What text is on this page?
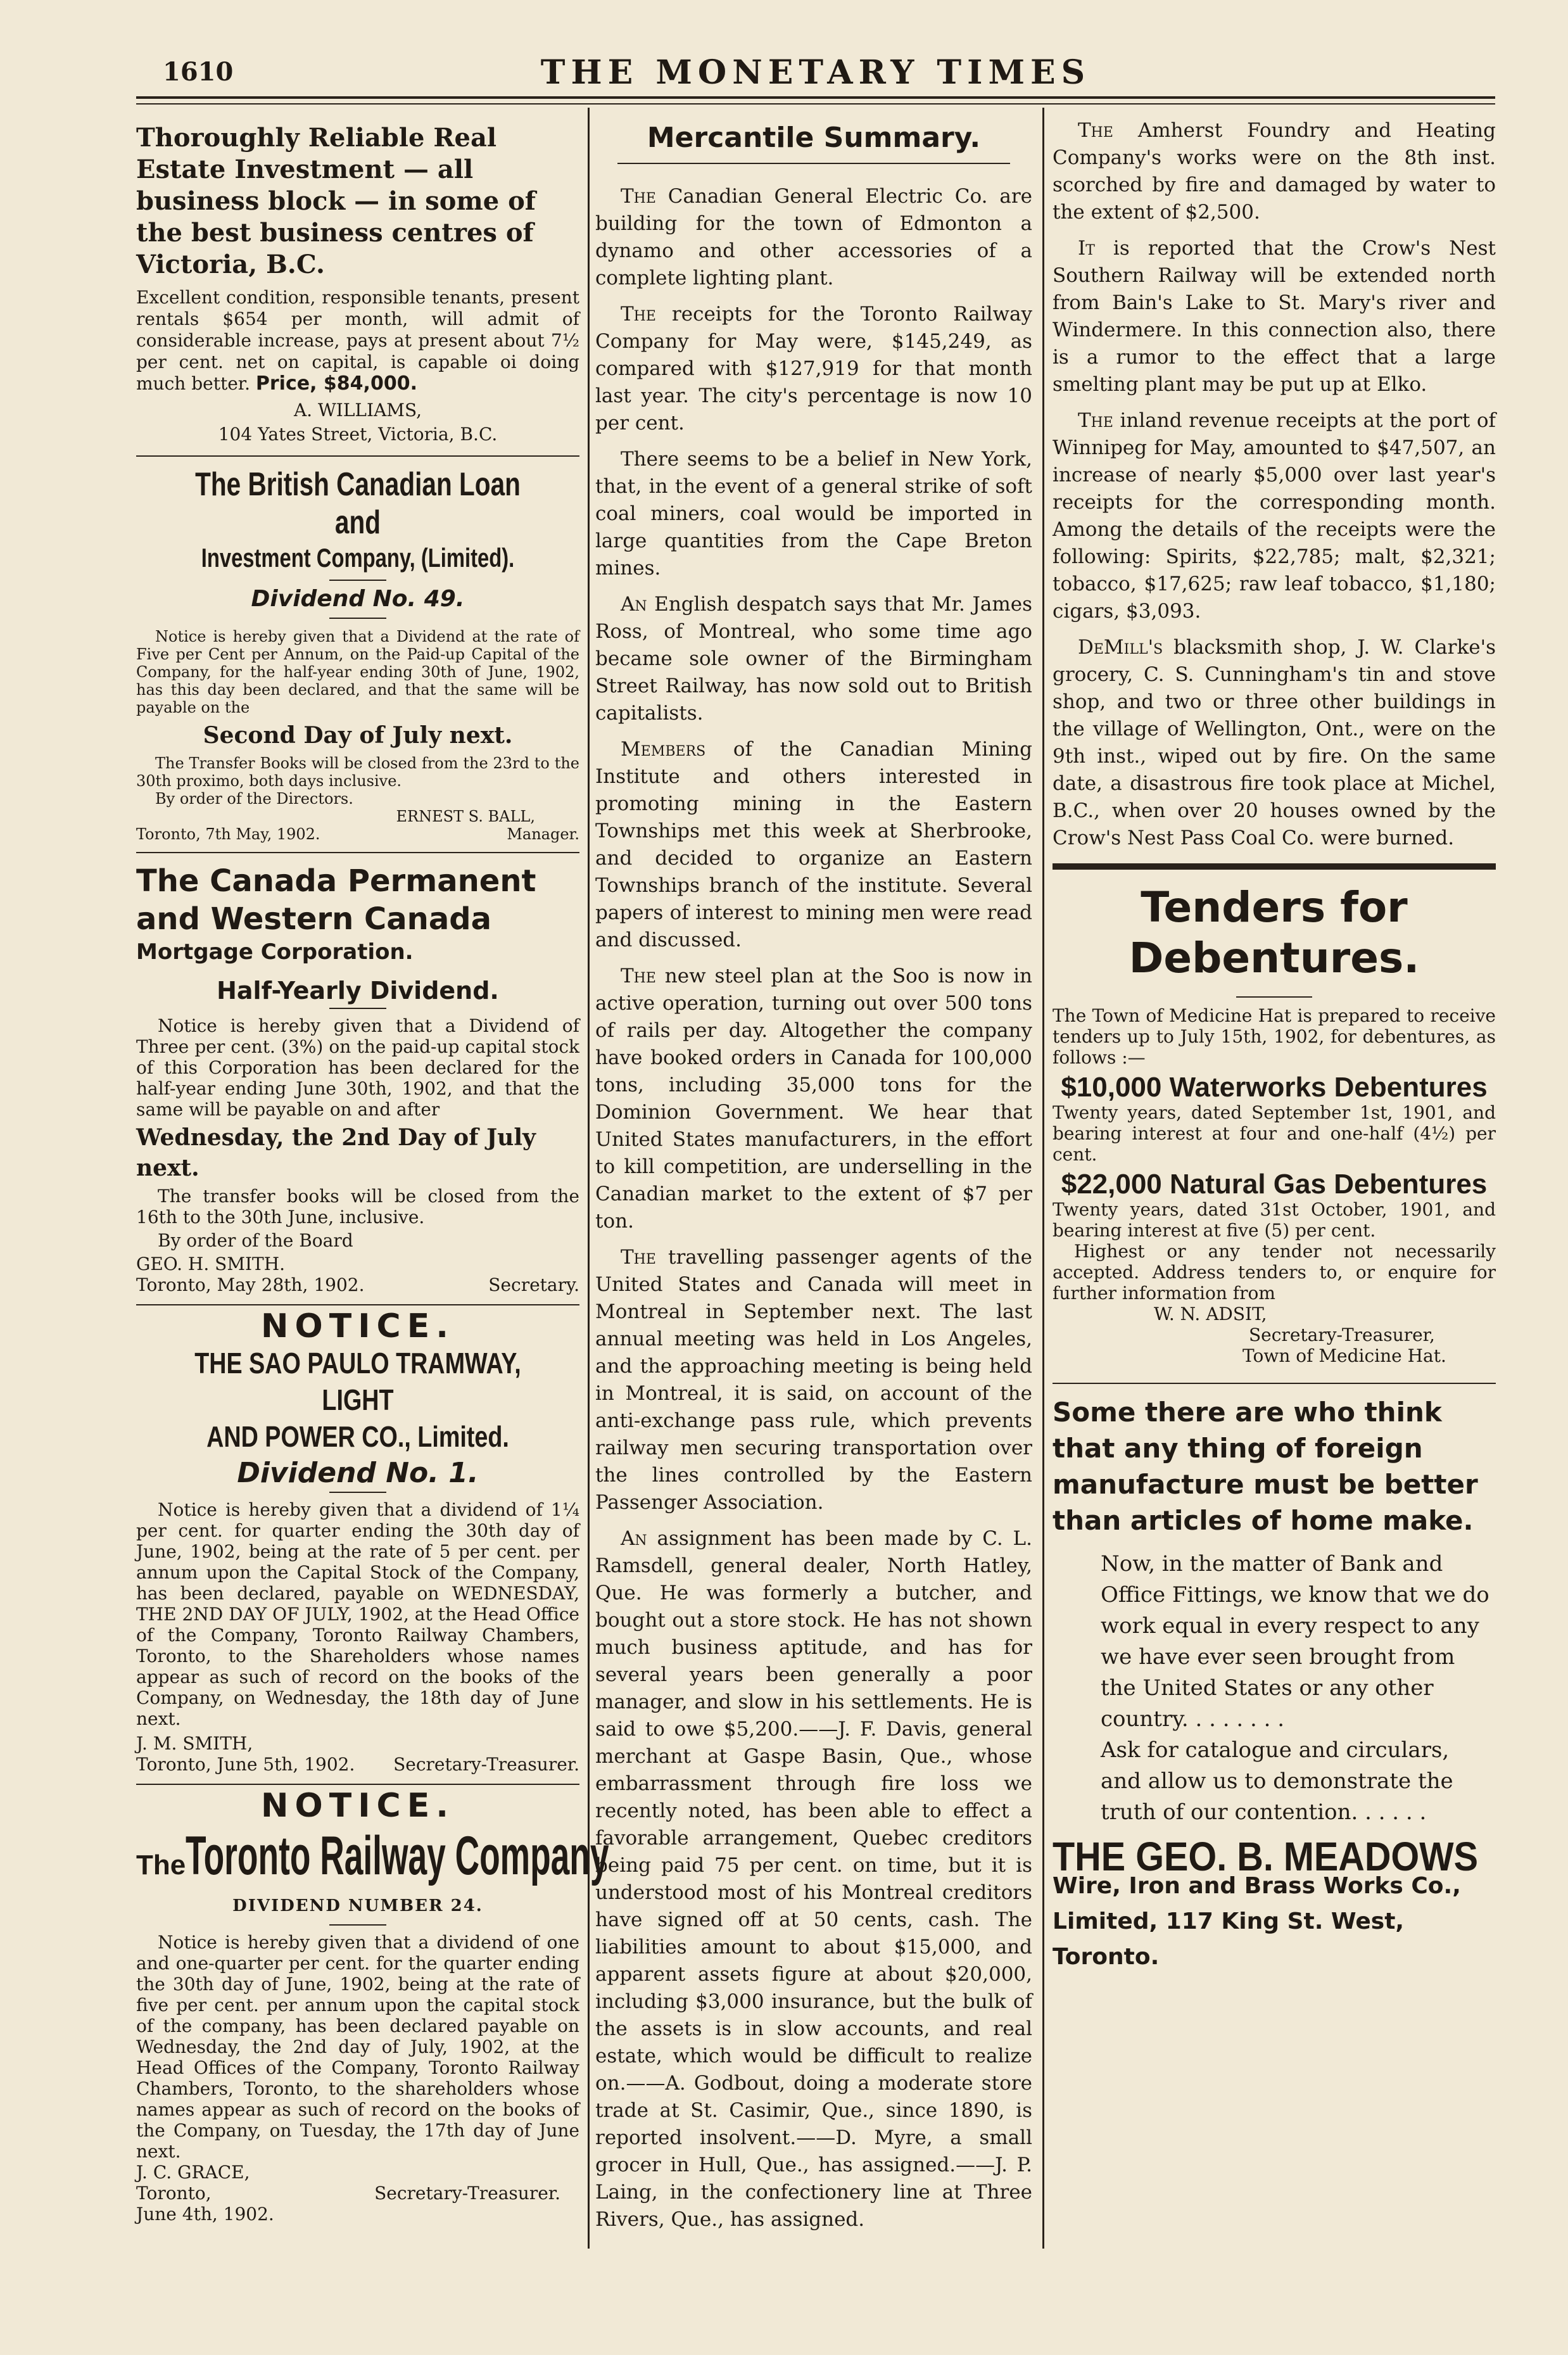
1610	THE MONETARY TIMES
Thoroughly Reliable Real Estate Investment — all business block — in some of the best business centres of Victoria, B.C.

Excellent condition, responsible tenants, present rentals $654 per month, will admit of considerable increase, pays at present about 7½ per cent. net on capital, is capable oi doing much better. Price, $84,000.

A. WILLIAMS,

104 Yates Street, Victoria, B.C.

The British Canadian Loan and

Investment Company, (Limited).

Dividend No. 49.

Notice is hereby given that a Dividend at the rate of Five per Cent per Annum, on the Paid-up Capital of the Company, for the half-year ending 30th of June, 1902, has this day been declared, and that the same will be payable on the

Second Day of July next.

The Transfer Books will be closed from the 23rd to the 30th proximo, both days inclusive.

By order of the Directors.

ERNEST S. BALL,

Toronto, 7th May, 1902.	Manager.

The Canada Permanent

and Western Canada

Mortgage Corporation.

Half-Yearly Dividend.

Notice is hereby given that a Dividend of Three per cent. (3%) on the paid-up capital stock of this Corporation has been declared for the half-year ending June 30th, 1902, and that the same will be payable on and after

Wednesday, the 2nd Day of July next.

The transfer books will be closed from the 16th to the 30th June, inclusive.

By order of the Board

GEO. H. SMITH.

Toronto, May 28th, 1902.	Secretary.

NOTICE.

THE SAO PAULO TRAMWAY, LIGHT

AND POWER CO., Limited.

Dividend No. 1.

Notice is hereby given that a dividend of 1¼ per cent. for quarter ending the 30th day of June, 1902, being at the rate of 5 per cent. per annum upon the Capital Stock of the Company, has been declared, payable on WEDNESDAY, THE 2ND DAY OF JULY, 1902, at the Head Office of the Company, Toronto Railway Chambers, Toronto, to the Shareholders whose names appear as such of record on the books of the Company, on Wednesday, the 18th day of June next.

J. M. SMITH,

Toronto, June 5th, 1902. Secretary-Treasurer.

NOTICE.

TheToronto Railway Company

DIVIDEND NUMBER 24.

Notice is hereby given that a dividend of one and one-quarter per cent. for the quarter ending the 30th day of June, 1902, being at the rate of five per cent. per annum upon the capital stock of the company, has been declared payable on Wednesday, the 2nd day of July, 1902, at the Head Offices of the Company, Toronto Railway Chambers, Toronto, to the shareholders whose names appear as such of record on the books of the Company, on Tuesday, the 17th day of June next.

J. C. GRACE,

Toronto,	Secretary-Treasurer.

June 4th, 1902.

Mercantile Summary.

The Canadian General Electric Co. are building for the town of Edmonton a dynamo and other accessories of a complete lighting plant.

The receipts for the Toronto Railway Company for May were, $145,249, as compared with $127,919 for that month last year. The city's percentage is now 10 per cent.

There seems to be a belief in New York, that, in the event of a general strike of soft coal miners, coal would be imported in large quantities from the Cape Breton mines.

An English despatch says that Mr. James Ross, of Montreal, who some time ago became sole owner of the Birmingham Street Railway, has now sold out to British capitalists.

Members of the Canadian Mining Institute and others interested in promoting mining in the Eastern Townships met this week at Sherbrooke, and decided to organize an Eastern Townships branch of the institute. Several papers of interest to mining men were read and discussed.

The new steel plan at the Soo is now in active operation, turning out over 500 tons of rails per day. Altogether the company have booked orders in Canada for 100,000 tons, including 35,000 tons for the Dominion Government. We hear that United States manufacturers, in the effort to kill competition, are underselling in the Canadian market to the extent of $7 per ton.

The travelling passenger agents of the United States and Canada will meet in Montreal in September next. The last annual meeting was held in Los Angeles, and the approaching meeting is being held in Montreal, it is said, on account of the anti-exchange pass rule, which prevents railway men securing transportation over the lines controlled by the Eastern Passenger Association.

An assignment has been made by C. L. Ramsdell, general dealer, North Hatley, Que. He was formerly a butcher, and bought out a store stock. He has not shown much business aptitude, and has for several years been generally a poor manager, and slow in his settlements. He is said to owe $5,200.——J. F. Davis, general merchant at Gaspe Basin, Que., whose embarrassment through fire loss we recently noted, has been able to effect a favorable arrangement, Quebec creditors being paid 75 per cent. on time, but it is understood most of his Montreal creditors have signed off at 50 cents, cash. The liabilities amount to about $15,000, and apparent assets figure at about $20,000, including $3,000 insurance, but the bulk of the assets is in slow accounts, and real estate, which would be difficult to realize on.——A. Godbout, doing a moderate store trade at St. Casimir, Que., since 1890, is reported insolvent.——D. Myre, a small grocer in Hull, Que., has assigned.——J. P. Laing, in the confectionery line at Three Rivers, Que., has assigned.

The Amherst Foundry and Heating Company's works were on the 8th inst. scorched by fire and damaged by water to the extent of $2,500.

It is reported that the Crow's Nest Southern Railway will be extended north from Bain's Lake to St. Mary's river and Windermere. In this connection also, there is a rumor to the effect that a large smelting plant may be put up at Elko.

The inland revenue receipts at the port of Winnipeg for May, amounted to $47,507, an increase of nearly $5,000 over last year's receipts for the corresponding month. Among the details of the receipts were the following: Spirits, $22,785; malt, $2,321; tobacco, $17,625; raw leaf tobacco, $1,180; cigars, $3,093.

DeMill's blacksmith shop, J. W. Clarke's grocery, C. S. Cunningham's tin and stove shop, and two or three other buildings in the village of Wellington, Ont., were on the 9th inst., wiped out by fire. On the same date, a disastrous fire took place at Michel, B.C., when over 20 houses owned by the Crow's Nest Pass Coal Co. were burned.

Tenders for

Debentures.

The Town of Medicine Hat is prepared to receive tenders up to July 15th, 1902, for debentures, as follows :—

$10,000 Waterworks Debentures

Twenty years, dated September 1st, 1901, and bearing interest at four and one-half (4½) per cent.

$22,000 Natural Gas Debentures

Twenty years, dated 31st October, 1901, and bearing interest at five (5) per cent.

Highest or any tender not necessarily accepted. Address tenders to, or enquire for further information from

W. N. ADSIT,

Secretary-Treasurer,

Town of Medicine Hat.

Some there are who think that any thing of foreign manufacture must be better than articles of home make.

Now, in the matter of Bank and Office Fittings, we know that we do work equal in every respect to any we have ever seen brought from the United States or any other country. . . . . . . .

Ask for catalogue and circulars, and allow us to demonstrate the truth of our contention. . . . . .

THE GEO. B. MEADOWS

Wire, Iron and Brass Works Co.,

Limited, 117 King St. West, Toronto.
